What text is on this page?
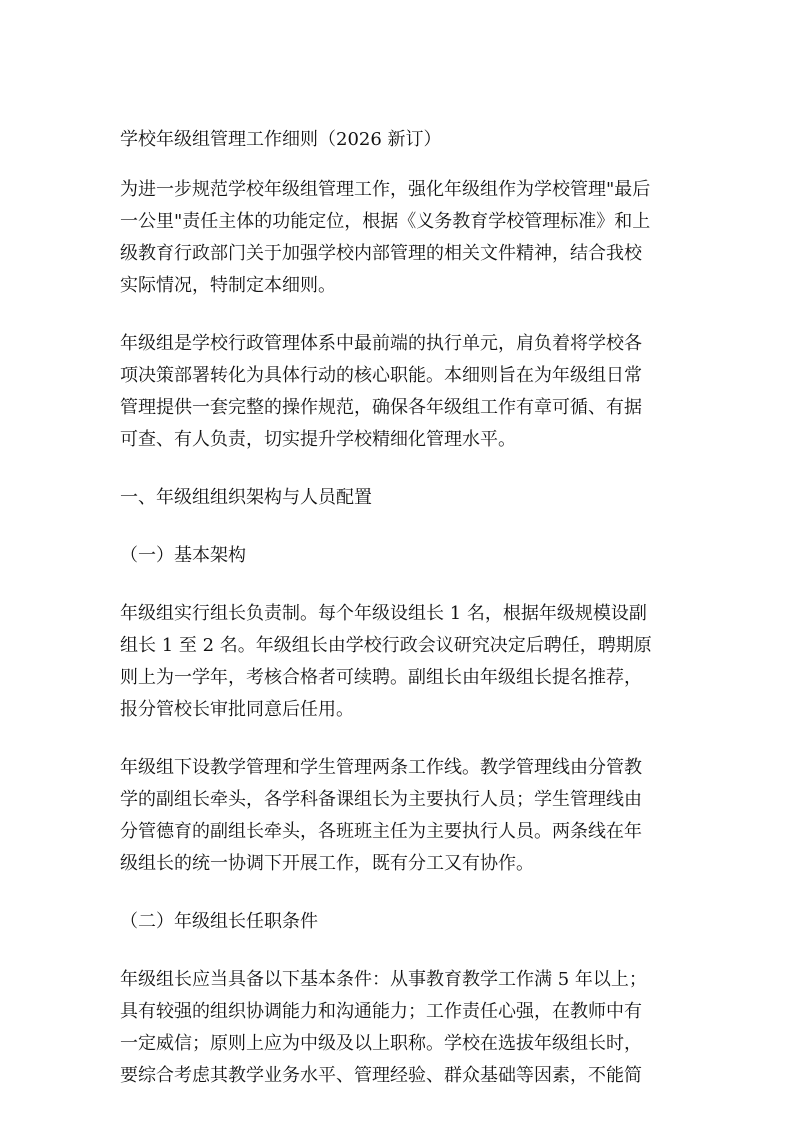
学校年级组管理工作细则（2026 新订）
为进一步规范学校年级组管理工作，强化年级组作为学校管理"最后
一公里"责任主体的功能定位，根据《义务教育学校管理标准》和上
级教育行政部门关于加强学校内部管理的相关文件精神，结合我校
实际情况，特制定本细则。
年级组是学校行政管理体系中最前端的执行单元，肩负着将学校各
项决策部署转化为具体行动的核心职能。本细则旨在为年级组日常
管理提供一套完整的操作规范，确保各年级组工作有章可循、有据
可查、有人负责，切实提升学校精细化管理水平。
一、年级组组织架构与人员配置
（一）基本架构
年级组实行组长负责制。每个年级设组长 1 名，根据年级规模设副
组长 1 至 2 名。年级组长由学校行政会议研究决定后聘任，聘期原
则上为一学年，考核合格者可续聘。副组长由年级组长提名推荐，
报分管校长审批同意后任用。
年级组下设教学管理和学生管理两条工作线。教学管理线由分管教
学的副组长牵头，各学科备课组长为主要执行人员；学生管理线由
分管德育的副组长牵头，各班班主任为主要执行人员。两条线在年
级组长的统一协调下开展工作，既有分工又有协作。
（二）年级组长任职条件
年级组长应当具备以下基本条件：从事教育教学工作满 5 年以上；
具有较强的组织协调能力和沟通能力；工作责任心强，在教师中有
一定威信；原则上应为中级及以上职称。学校在选拔年级组长时，
要综合考虑其教学业务水平、管理经验、群众基础等因素，不能简
